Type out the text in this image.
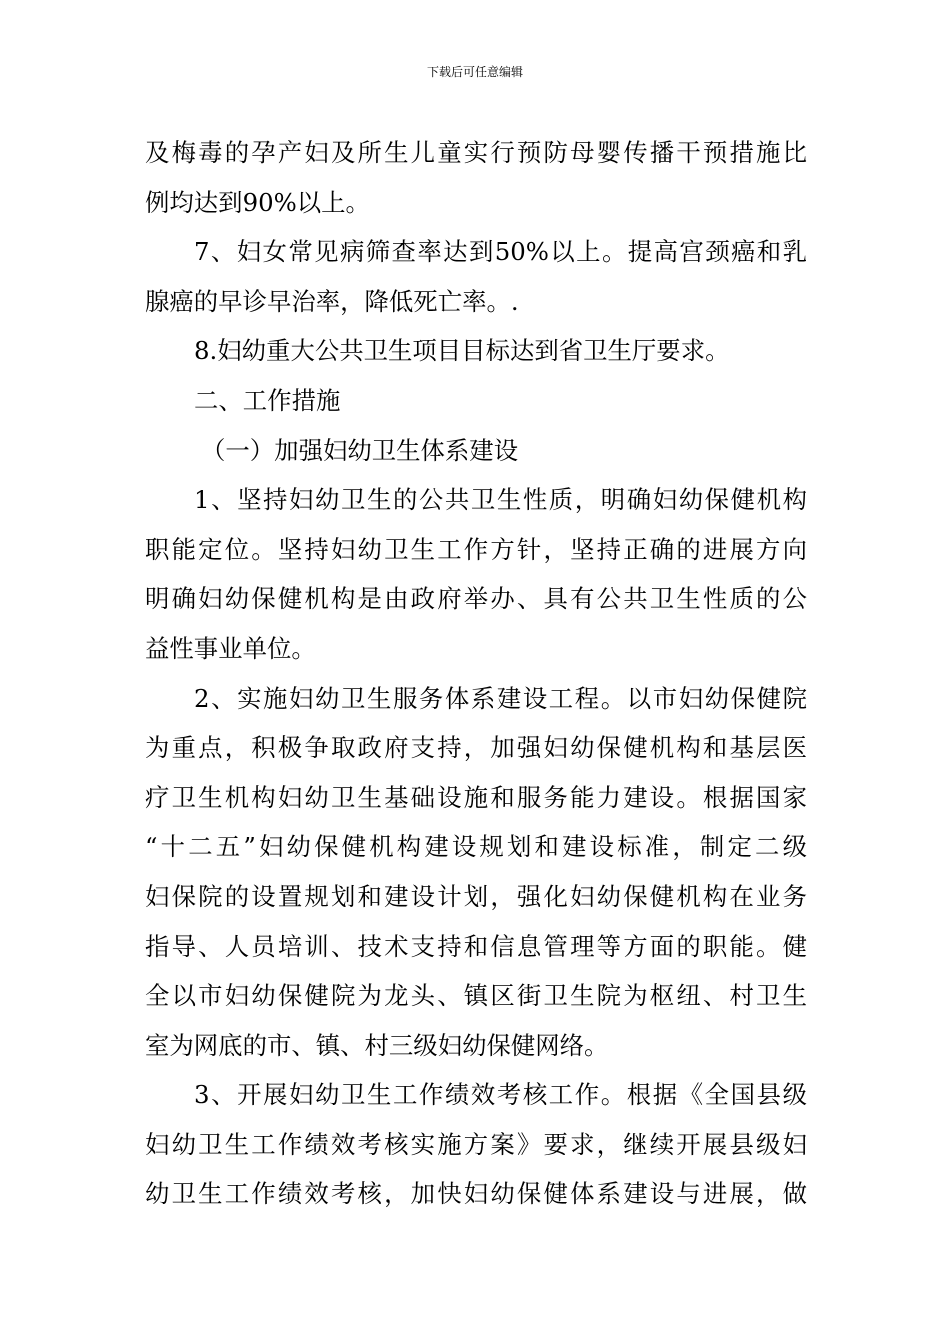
下载后可任意编辑
及梅毒的孕产妇及所生儿童实行预防母婴传播干预措施比
例均达到90%以上。
7、妇女常见病筛查率达到50%以上。提高宫颈癌和乳
腺癌的早诊早治率，降低死亡率。.
8.妇幼重大公共卫生项目目标达到省卫生厅要求。
二、工作措施
（一）加强妇幼卫生体系建设
1、坚持妇幼卫生的公共卫生性质，明确妇幼保健机构
职能定位。坚持妇幼卫生工作方针，坚持正确的进展方向
明确妇幼保健机构是由政府举办、具有公共卫生性质的公
益性事业单位。
2、实施妇幼卫生服务体系建设工程。以市妇幼保健院
为重点，积极争取政府支持，加强妇幼保健机构和基层医
疗卫生机构妇幼卫生基础设施和服务能力建设。根据国家
“十二五”妇幼保健机构建设规划和建设标准，制定二级
妇保院的设置规划和建设计划，强化妇幼保健机构在业务
指导、人员培训、技术支持和信息管理等方面的职能。健
全以市妇幼保健院为龙头、镇区街卫生院为枢纽、村卫生
室为网底的市、镇、村三级妇幼保健网络。
3、开展妇幼卫生工作绩效考核工作。根据《全国县级
妇幼卫生工作绩效考核实施方案》要求，继续开展县级妇
幼卫生工作绩效考核，加快妇幼保健体系建设与进展，做
